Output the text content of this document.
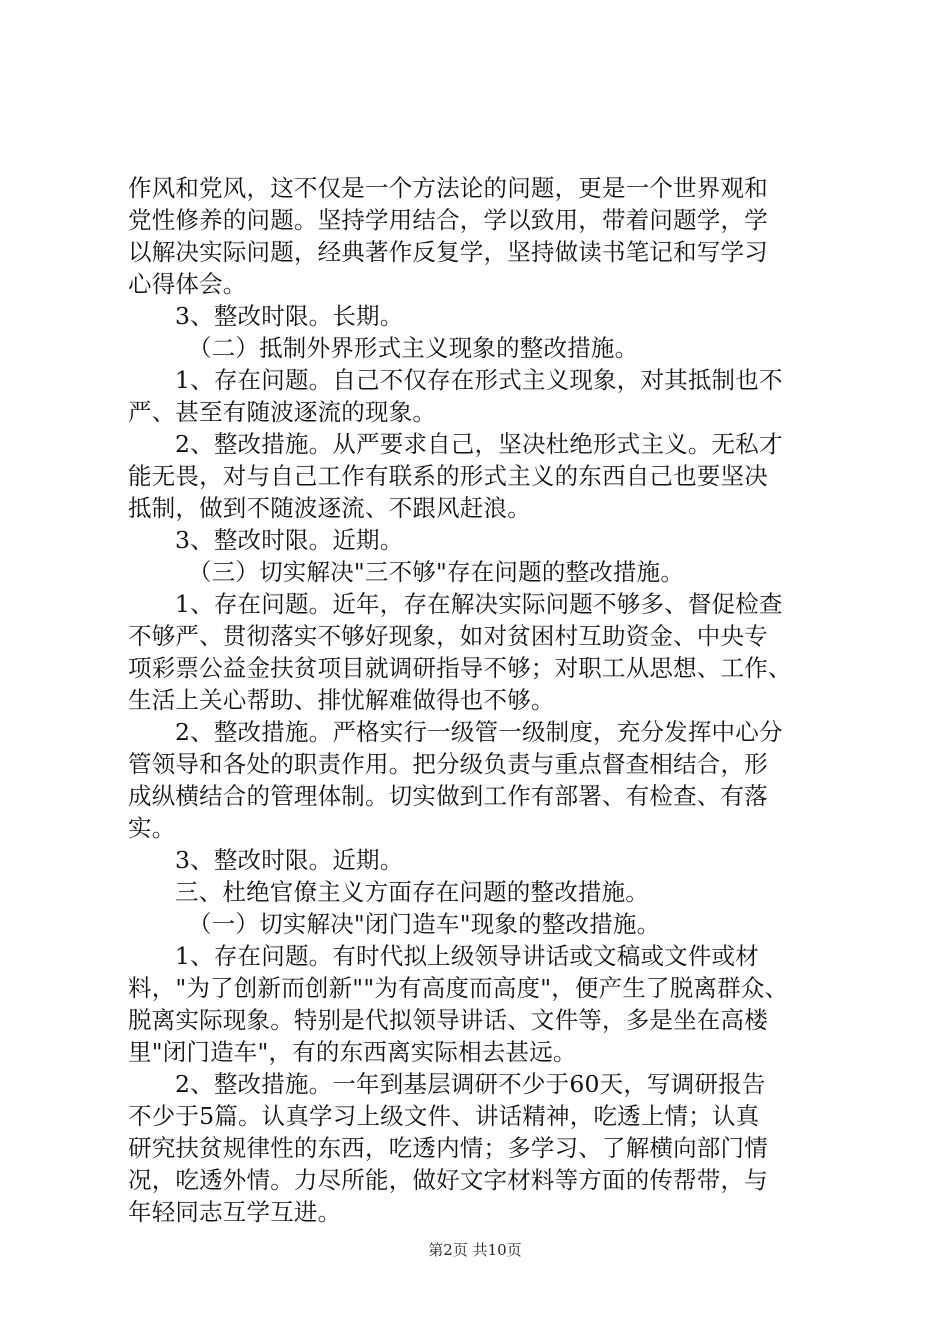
作风和党风，这不仅是一个方法论的问题，更是一个世界观和
党性修养的问题。坚持学用结合，学以致用，带着问题学，学
以解决实际问题，经典著作反复学，坚持做读书笔记和写学习
心得体会。
3、整改时限。长期。
（二）抵制外界形式主义现象的整改措施。
1、存在问题。自己不仅存在形式主义现象，对其抵制也不
严、甚至有随波逐流的现象。
2、整改措施。从严要求自己，坚决杜绝形式主义。无私才
能无畏，对与自己工作有联系的形式主义的东西自己也要坚决
抵制，做到不随波逐流、不跟风赶浪。
3、整改时限。近期。
（三）切实解决"三不够"存在问题的整改措施。
1、存在问题。近年，存在解决实际问题不够多、督促检查
不够严、贯彻落实不够好现象，如对贫困村互助资金、中央专
项彩票公益金扶贫项目就调研指导不够；对职工从思想、工作、
生活上关心帮助、排忧解难做得也不够。
2、整改措施。严格实行一级管一级制度，充分发挥中心分
管领导和各处的职责作用。把分级负责与重点督查相结合，形
成纵横结合的管理体制。切实做到工作有部署、有检查、有落
实。
3、整改时限。近期。
三、杜绝官僚主义方面存在问题的整改措施。
（一）切实解决"闭门造车"现象的整改措施。
1、存在问题。有时代拟上级领导讲话或文稿或文件或材
料，"为了创新而创新""为有高度而高度"，便产生了脱离群众、
脱离实际现象。特别是代拟领导讲话、文件等，多是坐在高楼
里"闭门造车"，有的东西离实际相去甚远。
2、整改措施。一年到基层调研不少于60天，写调研报告
不少于5篇。认真学习上级文件、讲话精神，吃透上情；认真
研究扶贫规律性的东西，吃透内情；多学习、了解横向部门情
况，吃透外情。力尽所能，做好文字材料等方面的传帮带，与
年轻同志互学互进。
第2页 共10页
